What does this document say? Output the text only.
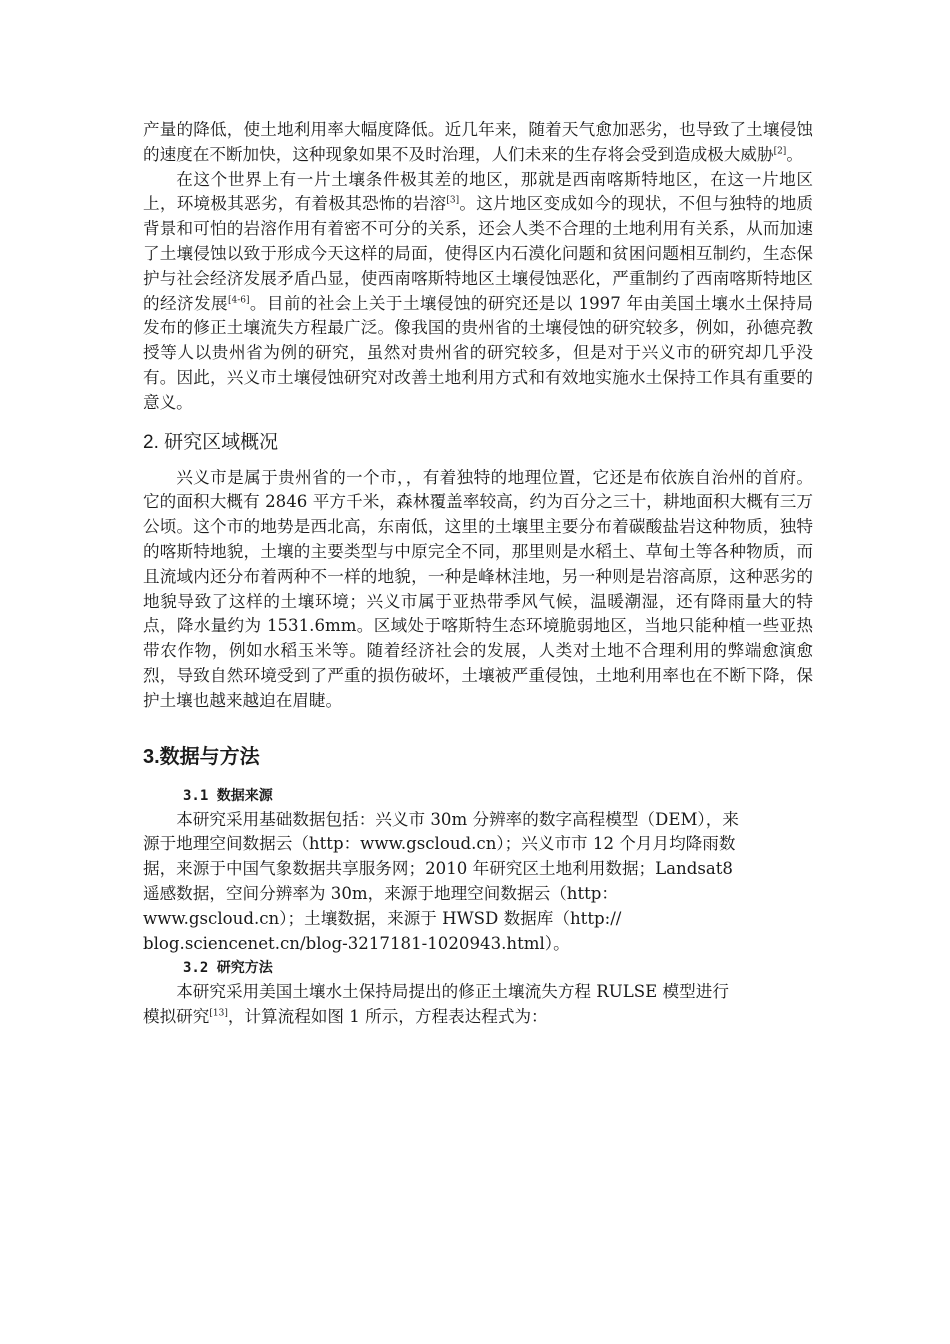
产量的降低，使土地利用率大幅度降低。近几年来，随着天气愈加恶劣，也导致了土壤侵蚀的速度在不断加快，这种现象如果不及时治理，人们未来的生存将会受到造成极大威胁[2]。

在这个世界上有一片土壤条件极其差的地区，那就是西南喀斯特地区，在这一片地区上，环境极其恶劣，有着极其恐怖的岩溶[3]。这片地区变成如今的现状，不但与独特的地质背景和可怕的岩溶作用有着密不可分的关系，还会人类不合理的土地利用有关系，从而加速了土壤侵蚀以致于形成今天这样的局面，使得区内石漠化问题和贫困问题相互制约，生态保护与社会经济发展矛盾凸显，使西南喀斯特地区土壤侵蚀恶化，严重制约了西南喀斯特地区的经济发展[4-6]。目前的社会上关于土壤侵蚀的研究还是以 1997 年由美国土壤水土保持局发布的修正土壤流失方程最广泛。像我国的贵州省的土壤侵蚀的研究较多，例如，孙德亮教授等人以贵州省为例的研究，虽然对贵州省的研究较多，但是对于兴义市的研究却几乎没有。因此，兴义市土壤侵蚀研究对改善土地利用方式和有效地实施水土保持工作具有重要的意义。

2. 研究区域概况

兴义市是属于贵州省的一个市，，有着独特的地理位置，它还是布依族自治州的首府。它的面积大概有 2846 平方千米，森林覆盖率较高，约为百分之三十，耕地面积大概有三万公顷。这个市的地势是西北高，东南低，这里的土壤里主要分布着碳酸盐岩这种物质，独特的喀斯特地貌，土壤的主要类型与中原完全不同，那里则是水稻土、草甸土等各种物质，而且流域内还分布着两种不一样的地貌，一种是峰林洼地，另一种则是岩溶高原，这种恶劣的地貌导致了这样的土壤环境；兴义市属于亚热带季风气候，温暖潮湿，还有降雨量大的特点，降水量约为 1531.6mm。区域处于喀斯特生态环境脆弱地区，当地只能种植一些亚热带农作物，例如水稻玉米等。随着经济社会的发展，人类对土地不合理利用的弊端愈演愈烈，导致自然环境受到了严重的损伤破坏，土壤被严重侵蚀，土地利用率也在不断下降，保护土壤也越来越迫在眉睫。

3.数据与方法
3.1 数据来源

本研究采用基础数据包括：兴义市 30m 分辨率的数字高程模型（DEM），来
源于地理空间数据云（http：www.gscloud.cn）；兴义市市 12 个月月均降雨数
据，来源于中国气象数据共享服务网；2010 年研究区土地利用数据；Landsat8
遥感数据，空间分辨率为 30m，来源于地理空间数据云（http：
www.gscloud.cn）；土壤数据，来源于 HWSD 数据库（http://
blog.sciencenet.cn/blog-3217181-1020943.html）。

3.2 研究方法

本研究采用美国土壤水土保持局提出的修正土壤流失方程 RULSE 模型进行
模拟研究[13]，计算流程如图 1 所示，方程表达程式为：
